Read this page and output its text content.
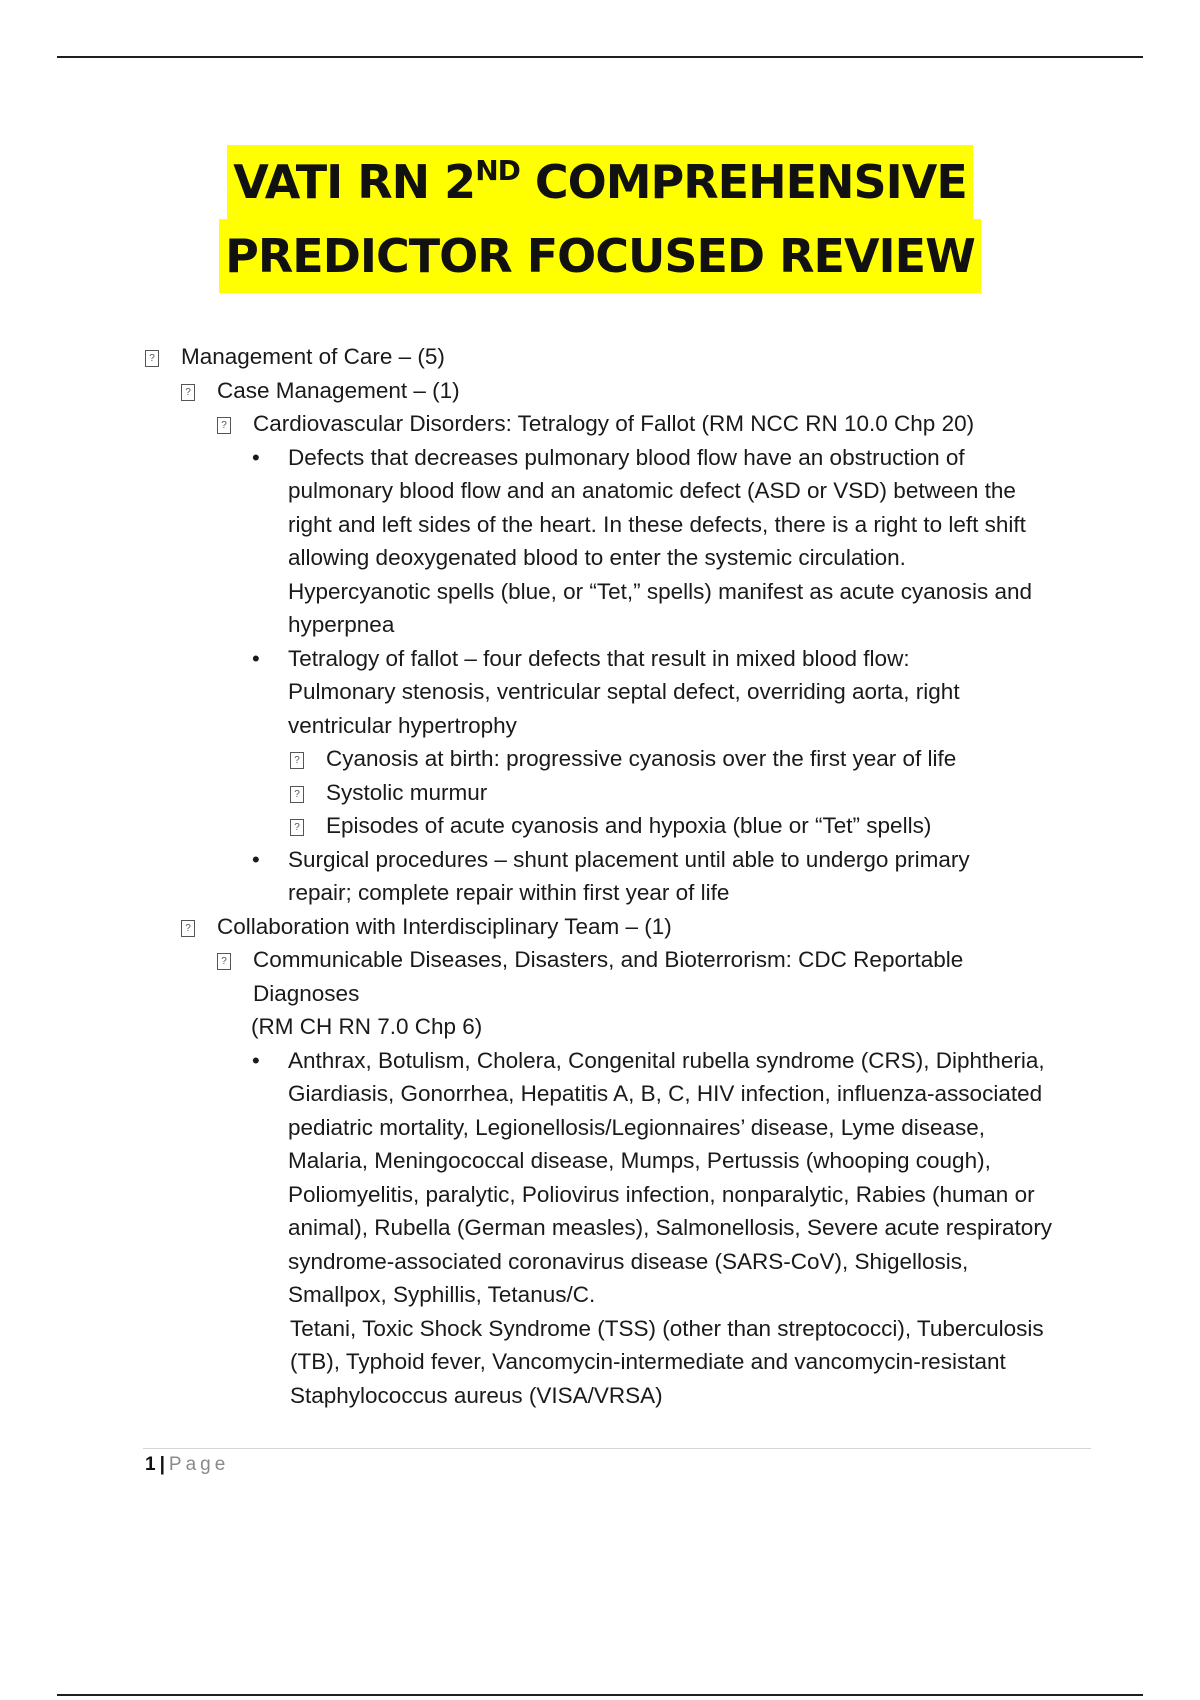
VATI RN 2ND COMPREHENSIVE
PREDICTOR FOCUSED REVIEW
?	Management of Care – (5)
?	Case Management – (1)
?	Cardiovascular Disorders: Tetralogy of Fallot (RM NCC RN 10.0 Chp 20)
•	Defects that decreases pulmonary blood flow have an obstruction of
pulmonary blood flow and an anatomic defect (ASD or VSD) between the
right and left sides of the heart. In these defects, there is a right to left shift
allowing deoxygenated blood to enter the systemic circulation.
Hypercyanotic spells (blue, or “Tet,” spells) manifest as acute cyanosis and
hyperpnea
•	Tetralogy of fallot – four defects that result in mixed blood flow:
Pulmonary stenosis, ventricular septal defect, overriding aorta, right
ventricular hypertrophy
?	Cyanosis at birth: progressive cyanosis over the first year of life
?	Systolic murmur
?	Episodes of acute cyanosis and hypoxia (blue or “Tet” spells)
•	Surgical procedures – shunt placement until able to undergo primary
repair; complete repair within first year of life
?	Collaboration with Interdisciplinary Team – (1)
?	Communicable Diseases, Disasters, and Bioterrorism: CDC Reportable
Diagnoses
(RM CH RN 7.0 Chp 6)
•	Anthrax, Botulism, Cholera, Congenital rubella syndrome (CRS), Diphtheria,
Giardiasis, Gonorrhea, Hepatitis A, B, C, HIV infection, influenza-associated
pediatric mortality, Legionellosis/Legionnaires’ disease, Lyme disease,
Malaria, Meningococcal disease, Mumps, Pertussis (whooping cough),
Poliomyelitis, paralytic, Poliovirus infection, nonparalytic, Rabies (human or
animal), Rubella (German measles), Salmonellosis, Severe acute respiratory
syndrome-associated coronavirus disease (SARS-CoV), Shigellosis,
Smallpox, Syphillis, Tetanus/C.
Tetani, Toxic Shock Syndrome (TSS) (other than streptococci), Tuberculosis
(TB), Typhoid fever, Vancomycin-intermediate and vancomycin-resistant
Staphylococcus aureus (VISA/VRSA)
1 | Page
